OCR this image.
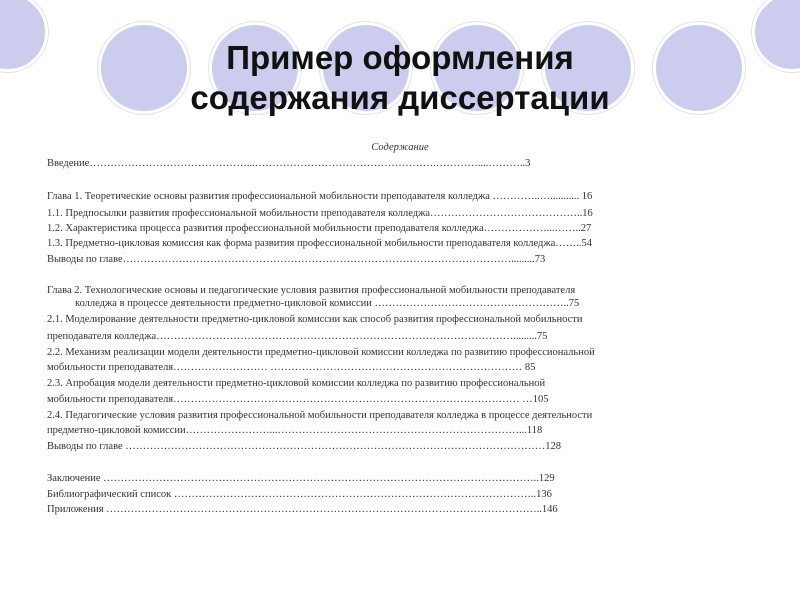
Пример оформления
содержания диссертации
Содержание
Введение………………………………………...…………………………………………….…………....………..3
Глава 1. Теоретические основы развития профессиональной мобильности преподавателя колледжа …………..…........... 16
1.1. Предпосылки развития профессиональной мобильности преподавателя колледжа……………………………………..16
1.2. Характеристика процесса развития профессиональной мобильности преподавателя колледжа………………...……..27
1.3. Предметно-цикловая комиссия как форма развития профессиональной мобильности преподавателя колледжа……..54
Выводы по главе………………………………………………………………………………………………….........73
Глава 2. Технологические основы и педагогические условия развития профессиональной мобильности преподавателя
колледжа в процессе деятельности предметно-цикловой комиссии ………………………………………………..75
2.1. Моделирование деятельности предметно-цикловой комиссии как способ развития профессиональной мобильности
преподавателя колледжа………………………………………………………………………………………….........75
2.2. Механизм реализации модели деятельности предметно-цикловой комиссии колледжа по развитию профессиональной
мобильности преподавателя……………………… ……………………………………………………………… 85
2.3. Апробация модели деятельности предметно-цикловой комиссии колледжа по развитию профессиональной
мобильности преподавателя……………………………………………………………………………………… …105
2.4. Педагогические условия развития профессиональной мобильности преподавателя колледжа в процессе деятельности
предметно-цикловой комиссии……………………...……………………………………………………………...118
Выводы по главе …………………………………………………………………………………………………………128
Заключение ……………………………………………………………………………………………………………..129
Библиографический список …………………………………………………………………………………………..136
Приложения ……………………………………………………………………………………………………………..146
